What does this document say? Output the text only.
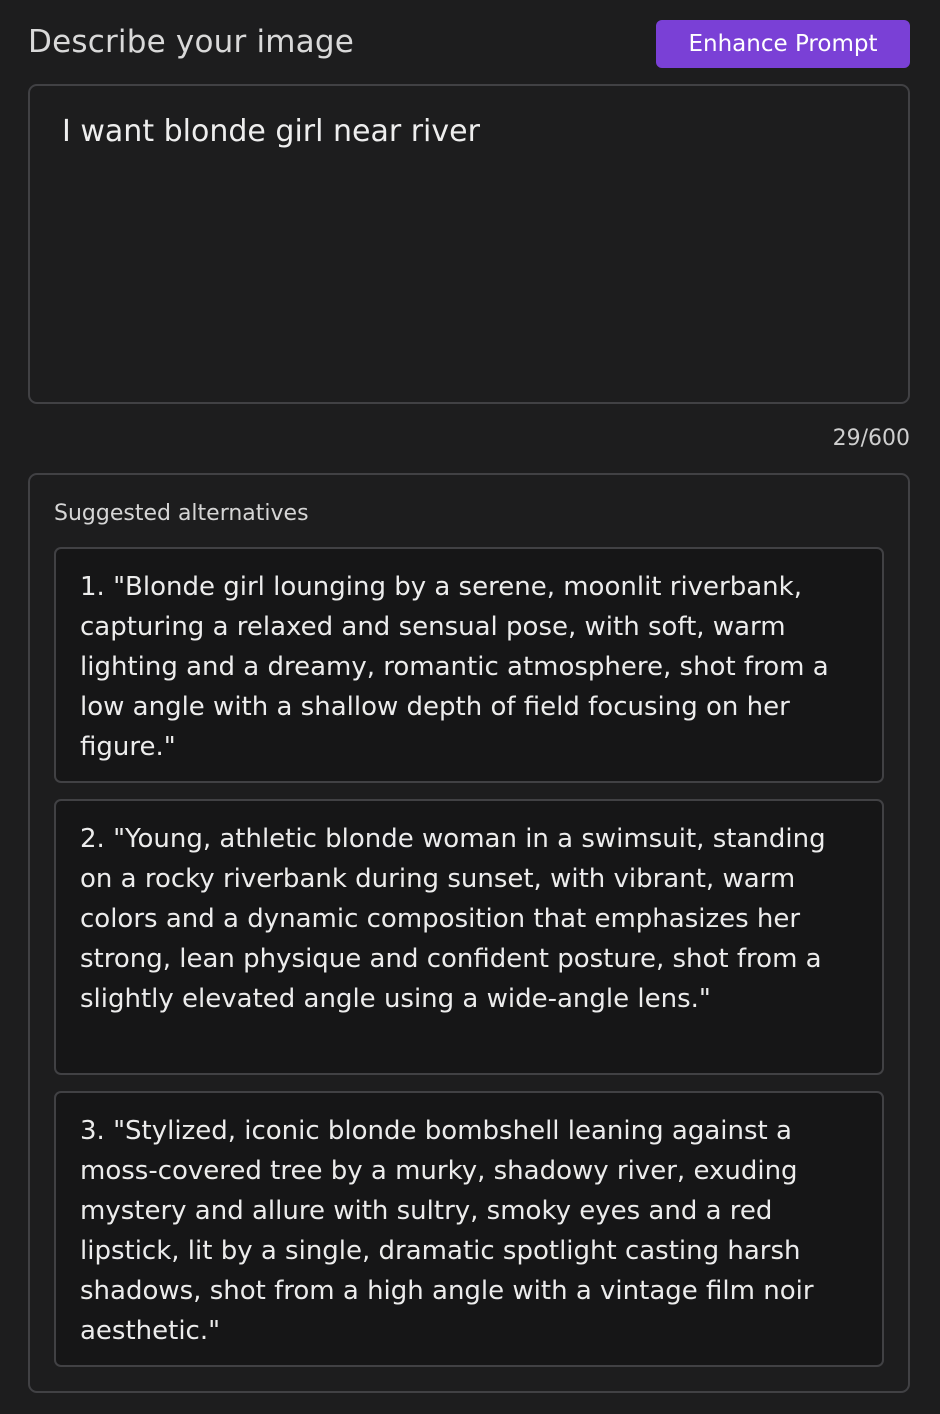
Describe your image	Enhance Prompt
I want blonde girl near river
29/600
Suggested alternatives
1. "Blonde girl lounging by a serene, moonlit riverbank, capturing a relaxed and sensual pose, with soft, warm lighting and a dreamy, romantic atmosphere, shot from a low angle with a shallow depth of field focusing on her figure."
2. "Young, athletic blonde woman in a swimsuit, standing on a rocky riverbank during sunset, with vibrant, warm colors and a dynamic composition that emphasizes her strong, lean physique and confident posture, shot from a slightly elevated angle using a wide-angle lens."
3. "Stylized, iconic blonde bombshell leaning against a moss-covered tree by a murky, shadowy river, exuding mystery and allure with sultry, smoky eyes and a red lipstick, lit by a single, dramatic spotlight casting harsh shadows, shot from a high angle with a vintage film noir aesthetic."
